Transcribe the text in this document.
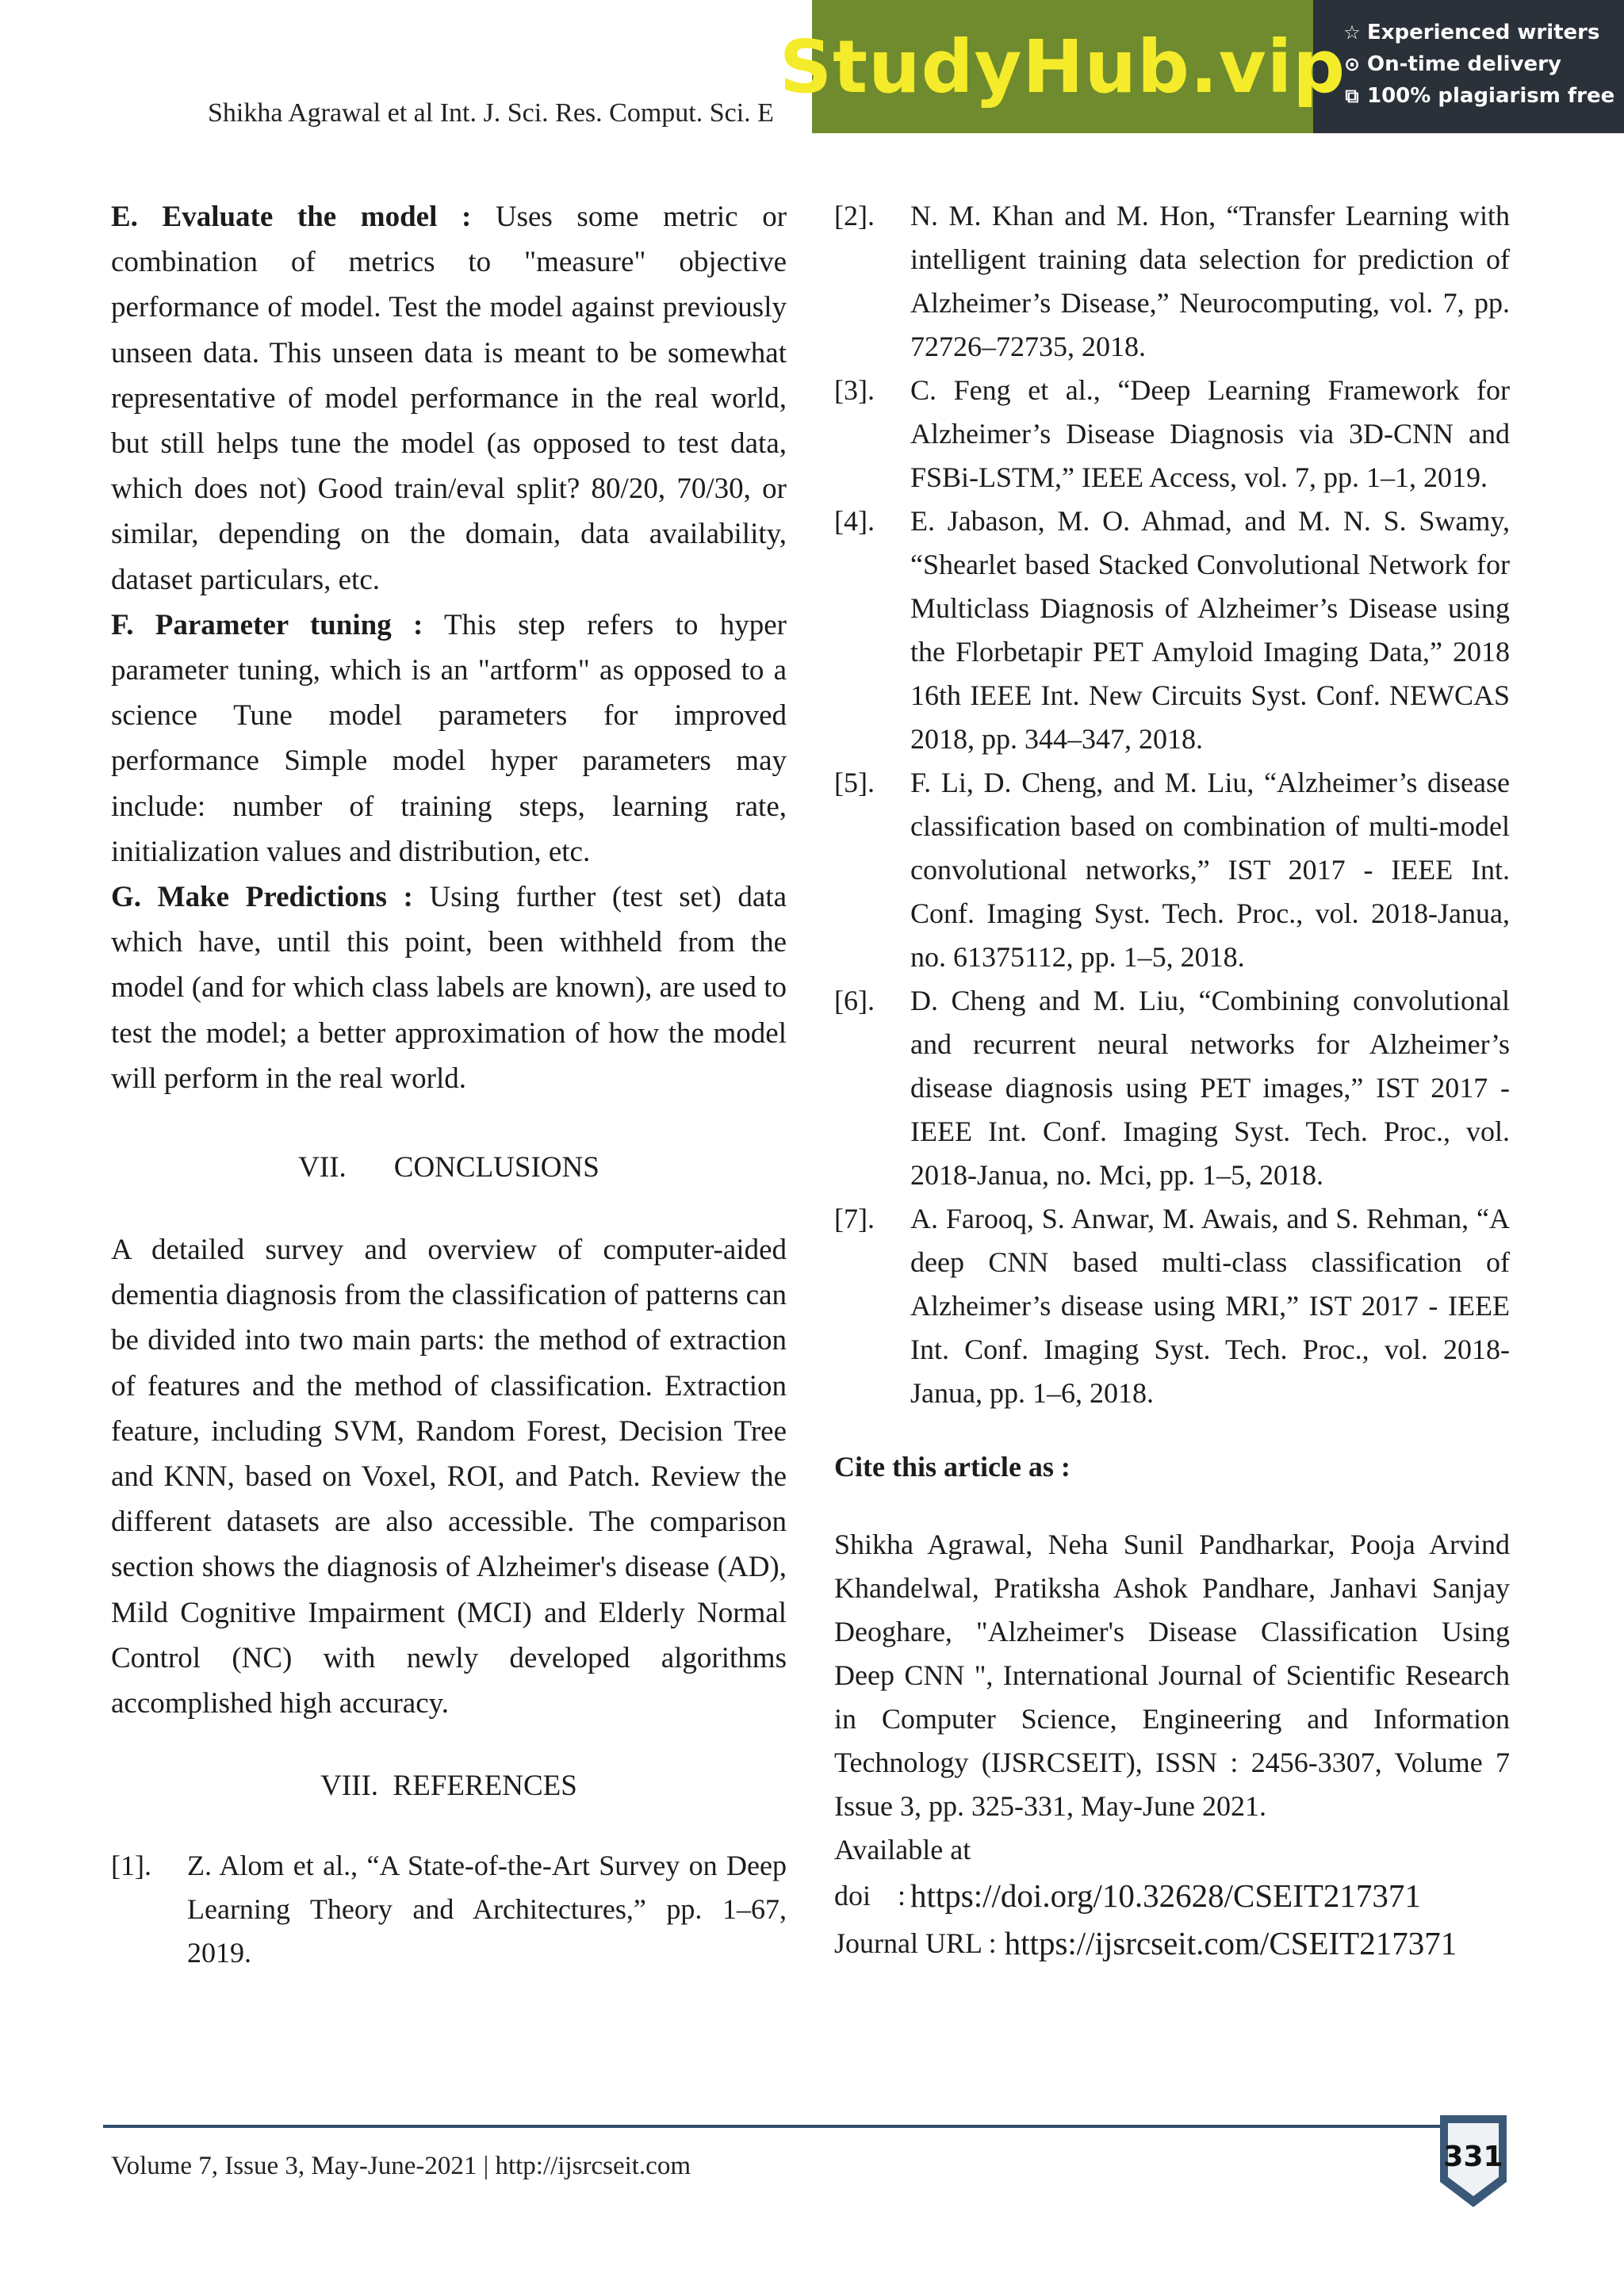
Shikha Agrawal et al Int. J. Sci. Res. Comput. Sci. E
StudyHub.vip
☆ Experienced writers
⊙ On-time delivery
⧉ 100% plagiarism free

E. Evaluate the model : Uses some metric or combination of metrics to "measure" objective performance of model. Test the model against previously unseen data. This unseen data is meant to be somewhat representative of model performance in the real world, but still helps tune the model (as opposed to test data, which does not) Good train/eval split? 80/20, 70/30, or similar, depending on the domain, data availability, dataset particulars, etc.

F. Parameter tuning : This step refers to hyper parameter tuning, which is an "artform" as opposed to a science Tune model parameters for improved performance Simple model hyper parameters may include: number of training steps, learning rate, initialization values and distribution, etc.

G. Make Predictions : Using further (test set) data which have, until this point, been withheld from the model (and for which class labels are known), are used to test the model; a better approximation of how the model will perform in the real world.

VII. CONCLUSIONS

A detailed survey and overview of computer-aided dementia diagnosis from the classification of patterns can be divided into two main parts: the method of extraction of features and the method of classification. Extraction feature, including SVM, Random Forest, Decision Tree and KNN, based on Voxel, ROI, and Patch. Review the different datasets are also accessible. The comparison section shows the diagnosis of Alzheimer's disease (AD), Mild Cognitive Impairment (MCI) and Elderly Normal Control (NC) with newly developed algorithms accomplished high accuracy.

VIII. REFERENCES

[1].	Z. Alom et al., “A State-of-the-Art Survey on Deep Learning Theory and Architectures,” pp. 1–67, 2019.
[2].	N. M. Khan and M. Hon, “Transfer Learning with intelligent training data selection for prediction of Alzheimer’s Disease,” Neurocomputing, vol. 7, pp. 72726–72735, 2018.
[3].	C. Feng et al., “Deep Learning Framework for Alzheimer’s Disease Diagnosis via 3D-CNN and FSBi-LSTM,” IEEE Access, vol. 7, pp. 1–1, 2019.
[4].	E. Jabason, M. O. Ahmad, and M. N. S. Swamy, “Shearlet based Stacked Convolutional Network for Multiclass Diagnosis of Alzheimer’s Disease using the Florbetapir PET Amyloid Imaging Data,” 2018 16th IEEE Int. New Circuits Syst. Conf. NEWCAS 2018, pp. 344–347, 2018.
[5].	F. Li, D. Cheng, and M. Liu, “Alzheimer’s disease classification based on combination of multi-model convolutional networks,” IST 2017 - IEEE Int. Conf. Imaging Syst. Tech. Proc., vol. 2018-Janua, no. 61375112, pp. 1–5, 2018.
[6].	D. Cheng and M. Liu, “Combining convolutional and recurrent neural networks for Alzheimer’s disease diagnosis using PET images,” IST 2017 - IEEE Int. Conf. Imaging Syst. Tech. Proc., vol. 2018-Janua, no. Mci, pp. 1–5, 2018.
[7].	A. Farooq, S. Anwar, M. Awais, and S. Rehman, “A deep CNN based multi-class classification of Alzheimer’s disease using MRI,” IST 2017 - IEEE Int. Conf. Imaging Syst. Tech. Proc., vol. 2018-Janua, pp. 1–6, 2018.

Cite this article as :

Shikha Agrawal, Neha Sunil Pandharkar, Pooja Arvind Khandelwal, Pratiksha Ashok Pandhare, Janhavi Sanjay Deoghare, "Alzheimer's Disease Classification Using Deep CNN ", International Journal of Scientific Research in Computer Science, Engineering and Information Technology (IJSRCSEIT), ISSN : 2456-3307, Volume 7 Issue 3, pp. 325-331, May-June 2021.

Available at

doi : https://doi.org/10.32628/CSEIT217371
Journal URL : https://ijsrcseit.com/CSEIT217371
Volume 7, Issue 3, May-June-2021 | http://ijsrcseit.com	331
